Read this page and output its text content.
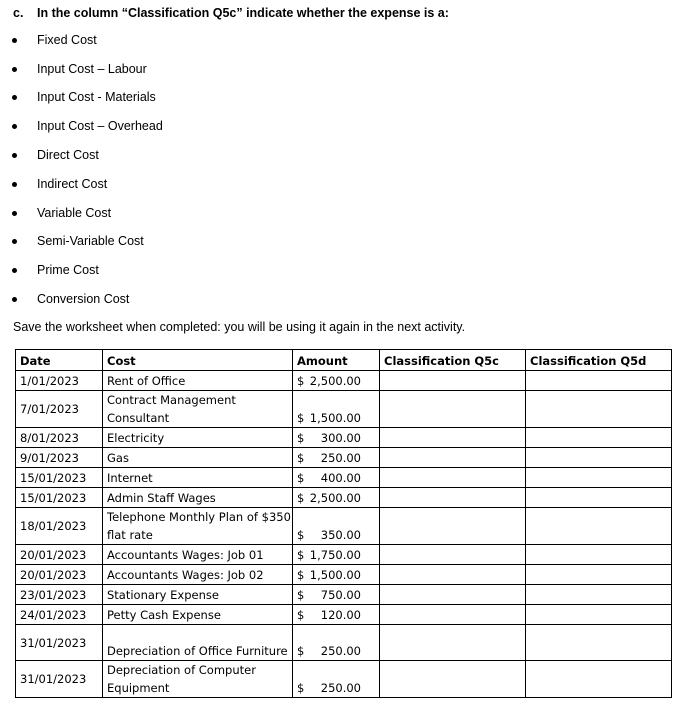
c. In the column “Classification Q5c” indicate whether the expense is a:
Fixed Cost
Input Cost – Labour
Input Cost - Materials
Input Cost – Overhead
Direct Cost
Indirect Cost
Variable Cost
Semi-Variable Cost
Prime Cost
Conversion Cost
Save the worksheet when completed: you will be using it again in the next activity.
Date	Cost	Amount	Classification Q5c	Classification Q5d
1/01/2023	Rent of Office	$ 2,500.00		

7/01/2023	Contract Management Consultant	$ 1,500.00		

8/01/2023	Electricity	$ 300.00		

9/01/2023	Gas	$ 250.00		

15/01/2023	Internet	$ 400.00		

15/01/2023	Admin Staff Wages	$ 2,500.00		

18/01/2023	Telephone Monthly Plan of $350 flat rate	$ 350.00		

20/01/2023	Accountants Wages: Job 01	$ 1,750.00		

20/01/2023	Accountants Wages: Job 02	$ 1,500.00		

23/01/2023	Stationary Expense	$ 750.00		

24/01/2023	Petty Cash Expense	$ 120.00		

31/01/2023	Depreciation of Office Furniture	$ 250.00		

31/01/2023	Depreciation of Computer Equipment	$ 250.00		
